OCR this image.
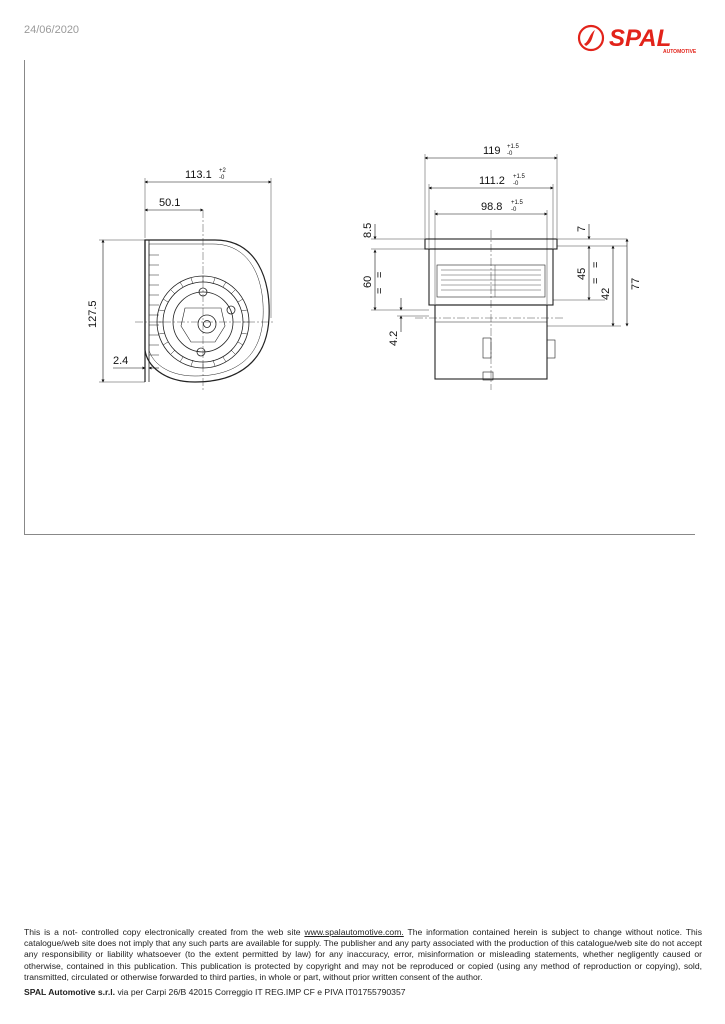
24/06/2020	SPAL
AUTOMOTIVE
113.1 +2
-0
50.1
127.5
2.4
119 +1.5
-0
111.2 +1.5
-0
98.8 +1.5
-0
8.5
60
=
=
4.2
7
45
=
=
42
77
This is a not- controlled copy electronically created from the web site www.spalautomotive.com. The information contained herein is subject to change without notice. This catalogue/web site does not imply that any such parts are available for supply. The publisher and any party associated with the production of this catalogue/web site do not accept any responsibility or liability whatsoever (to the extent permitted by law) for any inaccuracy, error, misinformation or misleading statements, whether negligently caused or otherwise, contained in this publication. This publication is protected by copyright and may not be reproduced or copied (using any method of reproduction or copying), sold, transmitted, circulated or otherwise forwarded to third parties, in whole or part, without prior written consent of the author.
SPAL Automotive s.r.l. via per Carpi 26/B 42015 Correggio IT REG.IMP CF e PIVA IT01755790357
